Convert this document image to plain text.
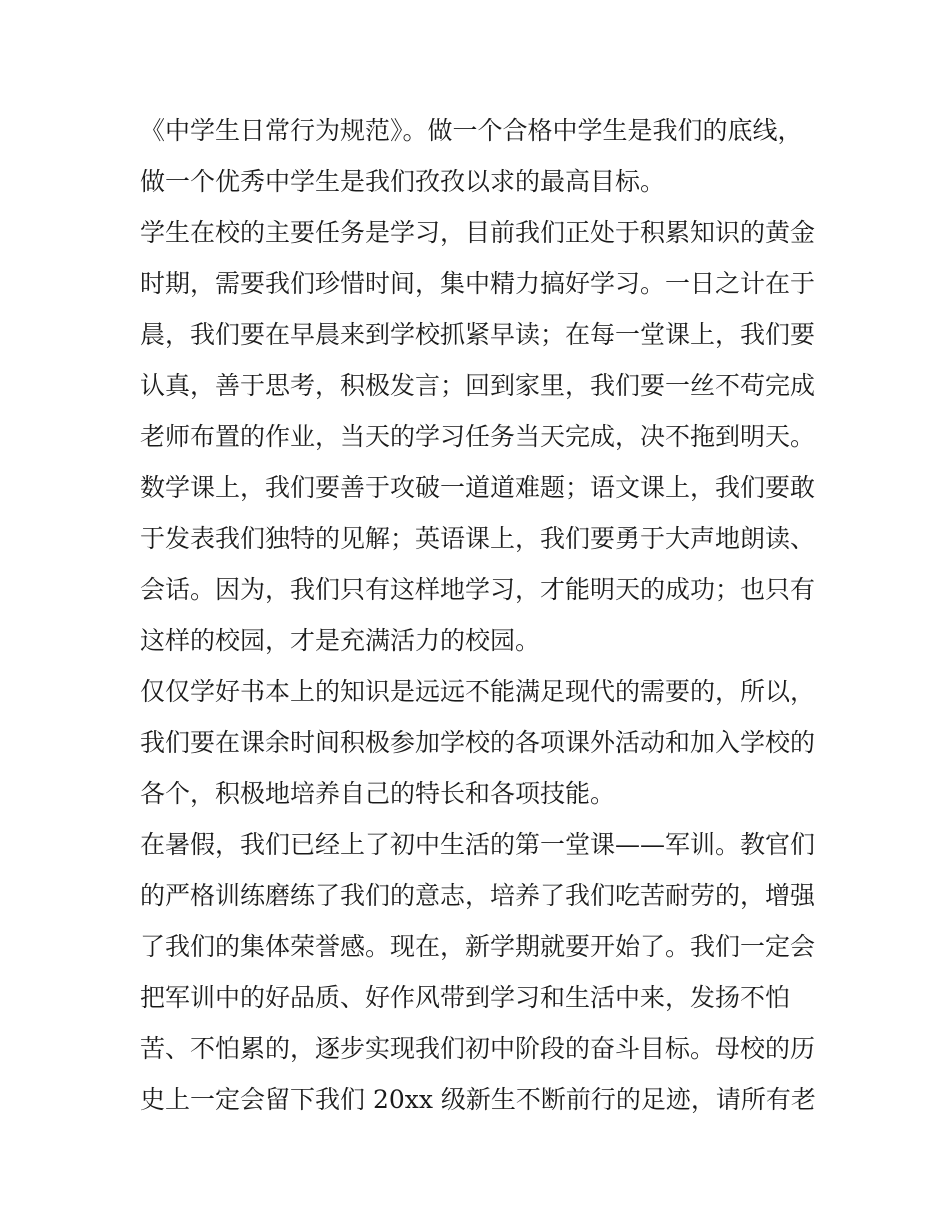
《中学生日常行为规范》。做一个合格中学生是我们的底线，
做一个优秀中学生是我们孜孜以求的最高目标。
学生在校的主要任务是学习，目前我们正处于积累知识的黄金
时期，需要我们珍惜时间，集中精力搞好学习。一日之计在于
晨，我们要在早晨来到学校抓紧早读；在每一堂课上，我们要
认真，善于思考，积极发言；回到家里，我们要一丝不苟完成
老师布置的作业，当天的学习任务当天完成，决不拖到明天。
数学课上，我们要善于攻破一道道难题；语文课上，我们要敢
于发表我们独特的见解；英语课上，我们要勇于大声地朗读、
会话。因为，我们只有这样地学习，才能明天的成功；也只有
这样的校园，才是充满活力的校园。
仅仅学好书本上的知识是远远不能满足现代的需要的，所以，
我们要在课余时间积极参加学校的各项课外活动和加入学校的
各个，积极地培养自己的特长和各项技能。
在暑假，我们已经上了初中生活的第一堂课——军训。教官们
的严格训练磨练了我们的意志，培养了我们吃苦耐劳的，增强
了我们的集体荣誉感。现在，新学期就要开始了。我们一定会
把军训中的好品质、好作风带到学习和生活中来，发扬不怕
苦、不怕累的，逐步实现我们初中阶段的奋斗目标。母校的历
史上一定会留下我们 20xx 级新生不断前行的足迹，请所有老
